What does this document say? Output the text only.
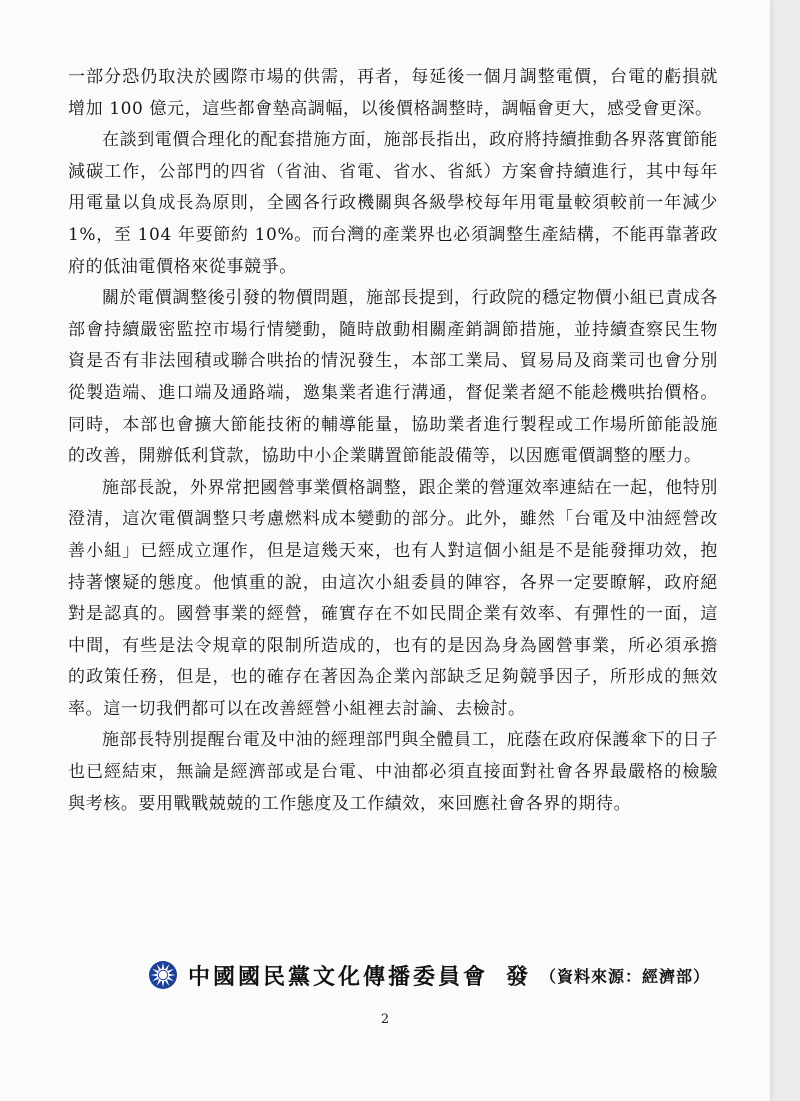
一部分恐仍取決於國際市場的供需，再者，每延後一個月調整電價，台電的虧損就增加 100 億元，這些都會墊高調幅，以後價格調整時，調幅會更大，感受會更深。

在談到電價合理化的配套措施方面，施部長指出，政府將持續推動各界落實節能減碳工作，公部門的四省（省油、省電、省水、省紙）方案會持續進行，其中每年用電量以負成長為原則，全國各行政機關與各級學校每年用電量較須較前一年減少 1%，至 104 年要節約 10%。而台灣的產業界也必須調整生產結構，不能再靠著政府的低油電價格來從事競爭。

關於電價調整後引發的物價問題，施部長提到，行政院的穩定物價小組已責成各部會持續嚴密監控市場行情變動，隨時啟動相關產銷調節措施，並持續查察民生物資是否有非法囤積或聯合哄抬的情況發生，本部工業局、貿易局及商業司也會分別從製造端、進口端及通路端，邀集業者進行溝通，督促業者絕不能趁機哄抬價格。同時，本部也會擴大節能技術的輔導能量，協助業者進行製程或工作場所節能設施的改善，開辦低利貸款，協助中小企業購置節能設備等，以因應電價調整的壓力。

施部長說，外界常把國營事業價格調整，跟企業的營運效率連結在一起，他特別澄清，這次電價調整只考慮燃料成本變動的部分。此外，雖然「台電及中油經營改善小組」已經成立運作，但是這幾天來，也有人對這個小組是不是能發揮功效，抱持著懷疑的態度。他慎重的說，由這次小組委員的陣容，各界一定要瞭解，政府絕對是認真的。國營事業的經營，確實存在不如民間企業有效率、有彈性的一面，這中間，有些是法令規章的限制所造成的，也有的是因為身為國營事業，所必須承擔的政策任務，但是，也的確存在著因為企業內部缺乏足夠競爭因子，所形成的無效率。這一切我們都可以在改善經營小組裡去討論、去檢討。

施部長特別提醒台電及中油的經理部門與全體員工，庇蔭在政府保護傘下的日子也已經結束，無論是經濟部或是台電、中油都必須直接面對社會各界最嚴格的檢驗與考核。要用戰戰兢兢的工作態度及工作績效，來回應社會各界的期待。

中國國民黨文化傳播委員會 發 （資料來源：經濟部）
2
